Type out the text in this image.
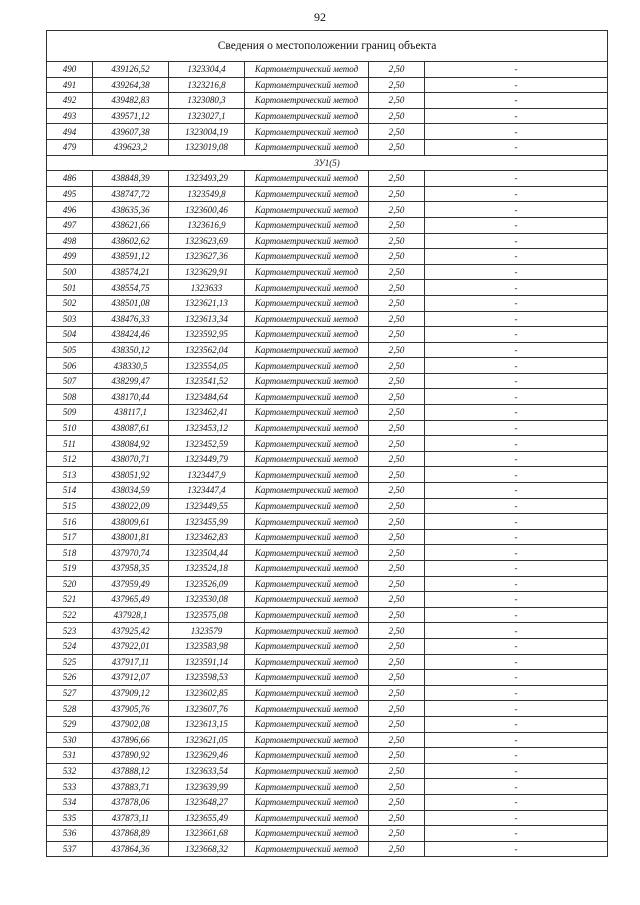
92
Сведения о местоположении границ объекта					
490	439126,52	1323304,4	Картометрический метод	2,50	-
491	439264,38	1323216,8	Картометрический метод	2,50	-
492	439482,83	1323080,3	Картометрический метод	2,50	-
493	439571,12	1323027,1	Картометрический метод	2,50	-
494	439607,38	1323004,19	Картометрический метод	2,50	-
479	439623,2	1323019,08	Картометрический метод	2,50	-
ЗУ1(5)					
486	438848,39	1323493,29	Картометрический метод	2,50	-
495	438747,72	1323549,8	Картометрический метод	2,50	-
496	438635,36	1323600,46	Картометрический метод	2,50	-
497	438621,66	1323616,9	Картометрический метод	2,50	-
498	438602,62	1323623,69	Картометрический метод	2,50	-
499	438591,12	1323627,36	Картометрический метод	2,50	-
500	438574,21	1323629,91	Картометрический метод	2,50	-
501	438554,75	1323633	Картометрический метод	2,50	-
502	438501,08	1323621,13	Картометрический метод	2,50	-
503	438476,33	1323613,34	Картометрический метод	2,50	-
504	438424,46	1323592,95	Картометрический метод	2,50	-
505	438350,12	1323562,04	Картометрический метод	2,50	-
506	438330,5	1323554,05	Картометрический метод	2,50	-
507	438299,47	1323541,52	Картометрический метод	2,50	-
508	438170,44	1323484,64	Картометрический метод	2,50	-
509	438117,1	1323462,41	Картометрический метод	2,50	-
510	438087,61	1323453,12	Картометрический метод	2,50	-
511	438084,92	1323452,59	Картометрический метод	2,50	-
512	438070,71	1323449,79	Картометрический метод	2,50	-
513	438051,92	1323447,9	Картометрический метод	2,50	-
514	438034,59	1323447,4	Картометрический метод	2,50	-
515	438022,09	1323449,55	Картометрический метод	2,50	-
516	438009,61	1323455,99	Картометрический метод	2,50	-
517	438001,81	1323462,83	Картометрический метод	2,50	-
518	437970,74	1323504,44	Картометрический метод	2,50	-
519	437958,35	1323524,18	Картометрический метод	2,50	-
520	437959,49	1323526,09	Картометрический метод	2,50	-
521	437965,49	1323530,08	Картометрический метод	2,50	-
522	437928,1	1323575,08	Картометрический метод	2,50	-
523	437925,42	1323579	Картометрический метод	2,50	-
524	437922,01	1323583,98	Картометрический метод	2,50	-
525	437917,11	1323591,14	Картометрический метод	2,50	-
526	437912,07	1323598,53	Картометрический метод	2,50	-
527	437909,12	1323602,85	Картометрический метод	2,50	-
528	437905,76	1323607,76	Картометрический метод	2,50	-
529	437902,08	1323613,15	Картометрический метод	2,50	-
530	437896,66	1323621,05	Картометрический метод	2,50	-
531	437890,92	1323629,46	Картометрический метод	2,50	-
532	437888,12	1323633,54	Картометрический метод	2,50	-
533	437883,71	1323639,99	Картометрический метод	2,50	-
534	437878,06	1323648,27	Картометрический метод	2,50	-
535	437873,11	1323655,49	Картометрический метод	2,50	-
536	437868,89	1323661,68	Картометрический метод	2,50	-
537	437864,36	1323668,32	Картометрический метод	2,50	-
